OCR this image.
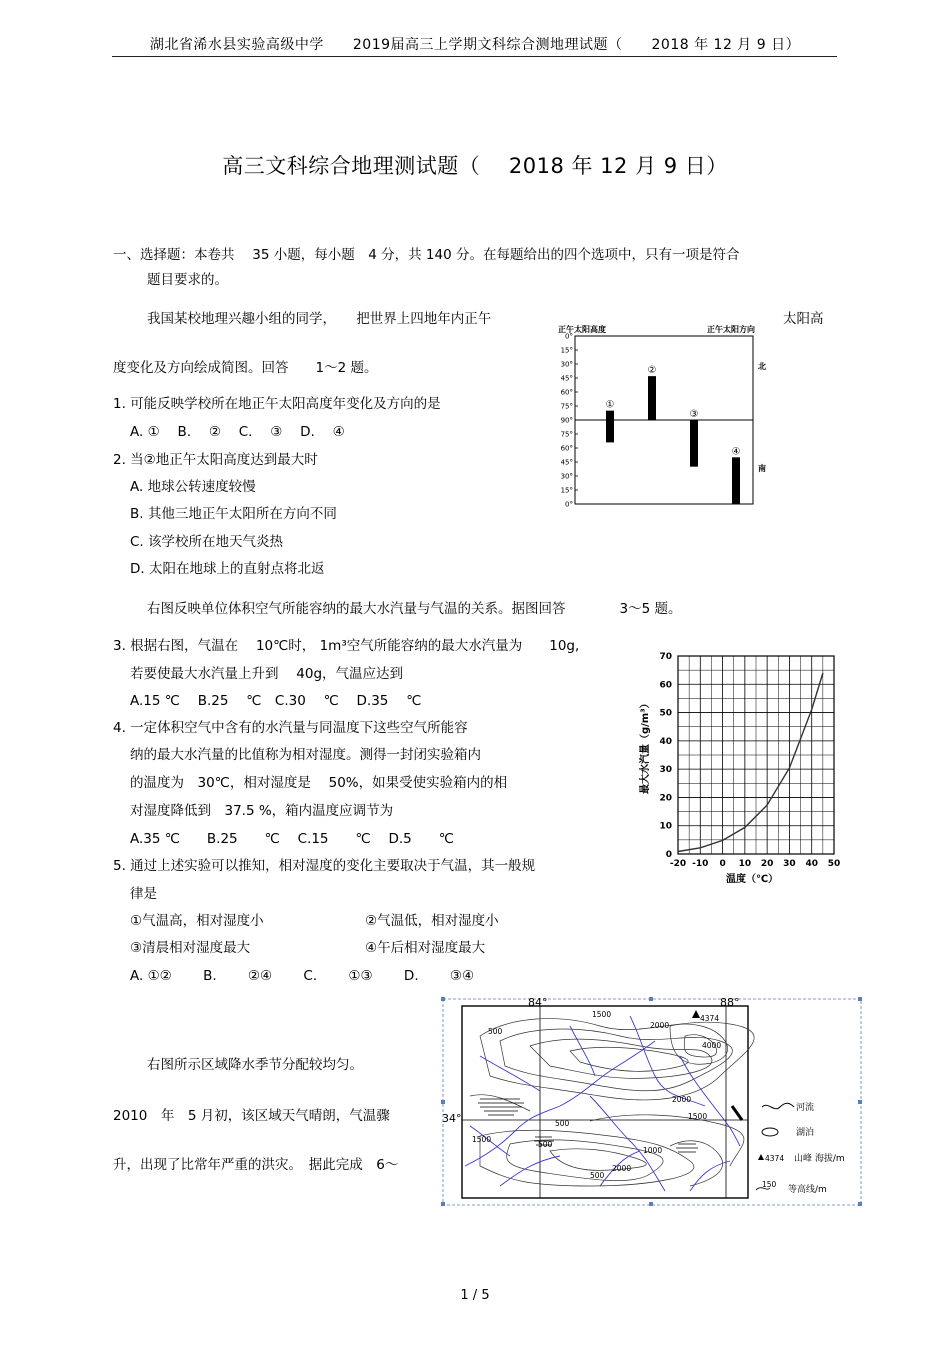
湖北省浠水县实验高级中学　　2019届高三上学期文科综合测地理试题（　　2018 年 12 月 9 日）
高三文科综合地理测试题（　 2018 年 12 月 9 日）
一、选择题：本卷共　 35 小题，每小题　4 分，共 140 分。在每题给出的四个选项中，只有一项是符合
题目要求的。
我国某校地理兴趣小组的同学，　　把世界上四地年内正午	太阳高
度变化及方向绘成简图。回答　　1～2 题。
正午太阳高度	正午太阳方向
0°
15°
30°
45°
60°
75°
90°
75°
60°
45°
30°
15°
0°
①
②
③
④
北
南
1. 可能反映学校所在地正午太阳高度年变化及方向的是
A. ①　 B.　 ②　 C.　 ③　 D.　 ④
2. 当②地正午太阳高度达到最大时
A. 地球公转速度较慢
B. 其他三地正午太阳所在方向不同
C. 该学校所在地天气炎热
D. 太阳在地球上的直射点将北返
右图反映单位体积空气所能容纳的最大水汽量与气温的关系。据图回答　　　　3～5 题。
3. 根据右图，气温在　 10℃时， 1m³空气所能容纳的最大水汽量为　　10g,
若要使最大水汽量上升到　 40g，气温应达到
A.15 ℃　 B.25　 ℃　C.30　 ℃　 D.35　 ℃
4. 一定体积空气中含有的水汽量与同温度下这些空气所能容
纳的最大水汽量的比值称为相对湿度。测得一封闭实验箱内
的温度为　30℃，相对湿度是　 50%，如果受使实验箱内的相
对湿度降低到　37.5 %，箱内温度应调节为
A.35 ℃　　B.25　　℃　 C.15　　℃　 D.5　　℃
5. 通过上述实验可以推知，相对湿度的变化主要取决于气温，其一般规
律是
①气温高，相对湿度小	②气温低，相对湿度小
③清晨相对湿度最大	④午后相对湿度最大
A. ①②　　 B.　　 ②④　　 C.　　 ①③　　 D.　　 ③④
0
10
20
30
40
50
60
70
-20 -10 0 10 20 30 40 50
最大水汽量（g/m³）
温度（℃）
右图所示区域降水季节分配较均匀。
2010　年　5 月初，该区域天气晴朗，气温骤
升，出现了比常年严重的洪灾。　据此完成　6～
84°	88°
34°
500
1500
2000
4374
4000
500
1500
500
1500
1000
2000
500
2000
河流
湖泊
4374 山峰 海拔/m
150
等高线/m
1 / 5
